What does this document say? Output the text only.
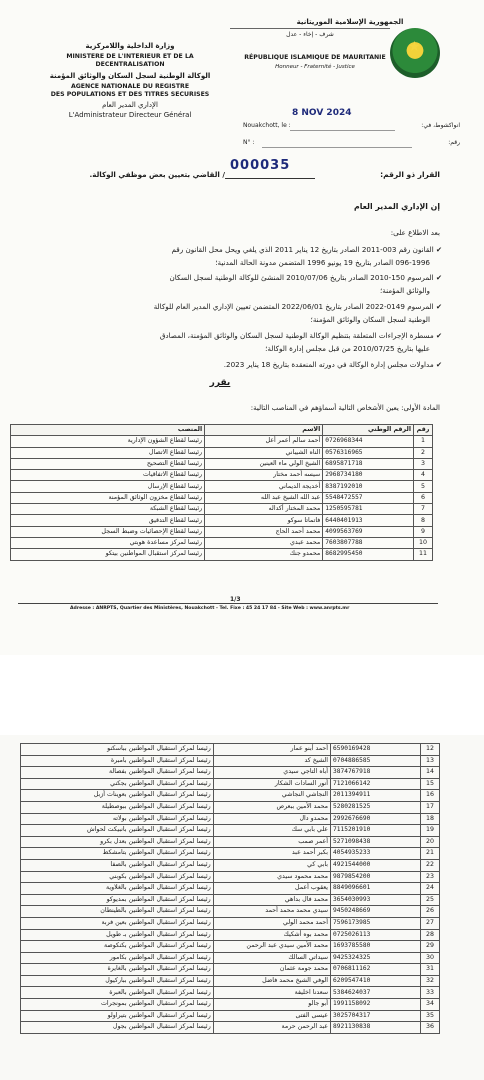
الجمهورية الإسلامية الموريتانية
شرف - إخاء - عدل
★
RÉPUBLIQUE ISLAMIQUE DE MAURITANIE
Honneur - Fraternité - Justice
وزارة الداخلية واللامركزية
MINISTERE DE L'INTERIEUR ET DE LA
DECENTRALISATION
الوكالة الوطنية لسجل السكان والوثائق المؤمنة
AGENCE NATIONALE DU REGISTRE
DES POPULATIONS ET DES TITRES SECURISES
الإداري المدير العام
L'Administrateur Directeur Général
Nouakchott, le :	انواكشوط، في:
8 NOV 2024
N° :	رقم:
القرار ذو الرقم:
000035
/ القاضي بتعيين بعض موظفي الوكالة.
إن الإداري المدير العام
بعد الاطلاع على:
✔ القانون رقم 003-2011 الصادر بتاريخ 12 يناير 2011 الذي يلغي ويحل محل القانون رقم
096-1996 الصادر بتاريخ 19 يونيو 1996 المتضمن مدونة الحالة المدنية؛
✔ المرسوم 150-2010 الصادر بتاريخ 2010/07/06 المنشئ للوكالة الوطنية لسجل السكان
والوثائق المؤمنة؛
✔ المرسوم 0149-2022 الصادر بتاريخ 2022/06/01 المتضمن تعيين الإداري المدير العام للوكالة
الوطنية لسجل السكان والوثائق المؤمنة؛
✔ مسطرة الإجراءات المتعلقة بتنظيم الوكالة الوطنية لسجل السكان والوثائق المؤمنة، المصادق
عليها بتاريخ 2010/07/25 من قبل مجلس إدارة الوكالة؛
✔ مداولات مجلس إدارة الوكالة في دورته المنعقدة بتاريخ 18 يناير 2023.
يقرر
المادة الأولى: يعين الأشخاص التالية أسماؤهم في المناصب التالية:
المنصب	الاسم	الرقم الوطني	رقم
رئيسا لقطاع الشؤون الإدارية	أحمد سالم أعمر أعل	0726968344	1
رئيسا لقطاع الاتصال	الناه الشيباني	0576316965	2
رئيسا لقطاع التصحيح	الشيخ الولي ماء العينين	6895871718	3
رئيسا لقطاع الاتفاقيات	سيسه أحمد مختار	2968734180	4
رئيسا لقطاع الإرسال	أخديجة الديماني	8387192010	5
رئيسا لقطاع مخزون الوثائق المؤمنة	عبد الله الشيخ عبد الله	5548472557	6
رئيسا لقطاع الشبكة	محمد المختار أكداله	1250595781	7
رئيسا لقطاع التدقيق	فاتماتا سوكو	6440401913	8
رئيسا لقطاع الإحصائيات وضبط السجل	محمد أحمد الحاج	4099563769	9
رئيسا لمركز مساعدة هوبتي	محمد عبدي	7603807788	10
رئيسا لمركز استقبال المواطنين بيتكو	محمدو جنك	8682995450	11
1/3
Adresse : ANRPTS, Quartier des Ministères, Nouakchott - Tel. Fixe : 45 24 17 84 - Site Web : www.anrpts.mr
رئيسا لمركز استقبال المواطنين بباسكنو	أحمد أبنو عمار	6590169428	12
رئيسا لمركز استقبال المواطنين بامبرة	الشيخ كد	0704886585	13
رئيسا لمركز استقبال المواطنين بفصالة	أباه التاجي سيدي	3874767918	14
رئيسا لمركز استقبال المواطنين بجكني	أنور السادات الشكار	7121066142	15
رئيسا لمركز استقبال المواطنين بعوينات أزبل	النجاشي النجاشي	2011394911	16
رئيسا لمركز استقبال المواطنين ببوصطيلة	محمد الأمين ببعرص	5280281525	17
رئيسا لمركز استقبال المواطنين بولاته	محمدو دال	2992676690	18
رئيسا لمركز استقبال المواطنين بانبيكت لحواش	علي بابي سك	7115201910	19
رئيسا لمركز استقبال المواطنين بعدل بكرو	أعمر صمب	5271098438	20
رئيسا لمركز استقبال المواطنين بتامشكط	بكبر أحمد عبد	4054935233	21
رئيسا لمركز استقبال المواطنين بالصفا	بابي كي	4921544000	22
رئيسا لمركز استقبال المواطنين بكوبني	محمد محمود سيدي	9879854200	23
رئيسا لمركز استقبال المواطنين بالغلاوية	يعقوب أعمل	8849096601	24
رئيسا لمركز استقبال المواطنين بمديوكو	محمد فال بداهي	3654030993	25
رئيسا لمركز استقبال المواطنين بالطينطان	سيدي محمد محمد أحمد	9450248669	26
رئيسا لمركز استقبال المواطنين بعين فربة	أحمد محمد الولي	7596173985	27
رئيسا لمركز استقبال المواطنين بـ طويل	محمد بوه أشكيك	0725026113	28
رئيسا لمركز استقبال المواطنين بكنكوصة	محمد الأمين سيدي عبد الرحمن	1693785580	29
رئيسا لمركز استقبال المواطنين بكامور	سيداتي السالك	9425324325	30
رئيسا لمركز استقبال المواطنين بالغايرة	محمد جومة عثمان	0706811162	31
رئيسا لمركز استقبال المواطنين بباركيول	الوفي الشيخ محمد فاضل	6209547410	32
رئيسا لمركز استقبال المواطنين بالعبرة	سعدنا اخليفة	5384624037	33
رئيسا لمركز استقبال المواطنين بمونجرات	أبو جالو	1991158092	34
رئيسا لمركز استقبال المواطنين بتيراولو	عيسى الفتى	3025704317	35
رئيسا لمركز استقبال المواطنين بجول	عبد الرحمن حرمة	8921130838	36
